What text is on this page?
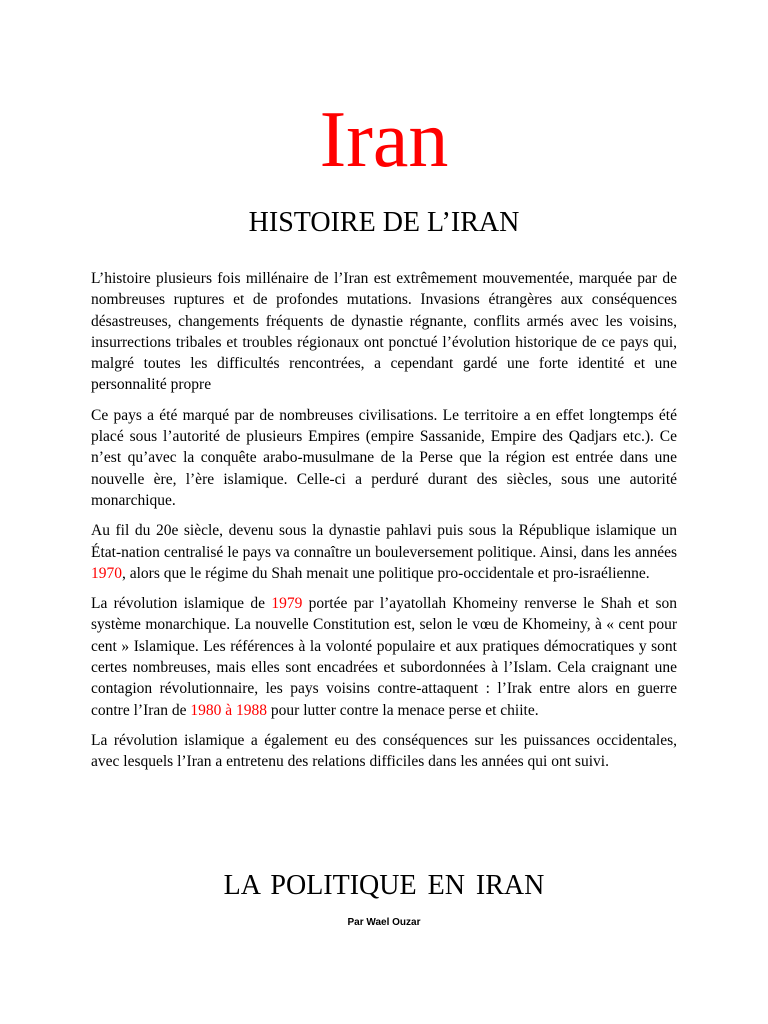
Iran
HISTOIRE DE L’IRAN

L’histoire plusieurs fois millénaire de l’Iran est extrêmement mouvementée, marquée par de nombreuses ruptures et de profondes mutations. Invasions étrangères aux conséquences désastreuses, changements fréquents de dynastie régnante, conflits armés avec les voisins, insurrections tribales et troubles régionaux ont ponctué l’évolution historique de ce pays qui, malgré toutes les difficultés rencontrées, a cependant gardé une forte identité et une personnalité propre

Ce pays a été marqué par de nombreuses civilisations. Le territoire a en effet longtemps été placé sous l’autorité de plusieurs Empires (empire Sassanide, Empire des Qadjars etc.). Ce n’est qu’avec la conquête arabo-musulmane de la Perse que la région est entrée dans une nouvelle ère, l’ère islamique. Celle-ci a perduré durant des siècles, sous une autorité monarchique.

Au fil du 20e siècle, devenu sous la dynastie pahlavi puis sous la République islamique un État-nation centralisé le pays va connaître un bouleversement politique. Ainsi, dans les années 1970, alors que le régime du Shah menait une politique pro-occidentale et pro-israélienne.

La révolution islamique de 1979 portée par l’ayatollah Khomeiny renverse le Shah et son système monarchique. La nouvelle Constitution est, selon le vœu de Khomeiny, à « cent pour cent » Islamique. Les références à la volonté populaire et aux pratiques démocratiques y sont certes nombreuses, mais elles sont encadrées et subordonnées à l’Islam. Cela craignant une contagion révolutionnaire, les pays voisins contre-attaquent : l’Irak entre alors en guerre contre l’Iran de 1980 à 1988 pour lutter contre la menace perse et chiite.

La révolution islamique a également eu des conséquences sur les puissances occidentales, avec lesquels l’Iran a entretenu des relations difficiles dans les années qui ont suivi.

LA POLITIQUE EN IRAN
Par Wael Ouzar
